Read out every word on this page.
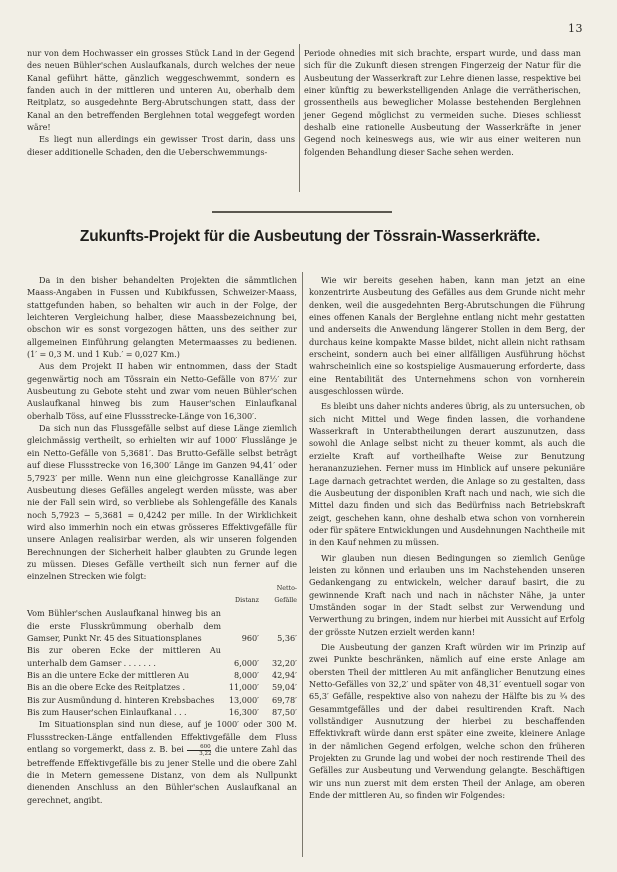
13

nur von dem Hochwasser ein grosses Stück Land in der Gegend des neuen Bühler'schen Auslaufkanals, durch welches der neue Kanal geführt hätte, gänzlich weggeschwemmt, sondern es fanden auch in der mittleren und unteren Au, oberhalb dem Reitplatz, so ausgedehnte Berg-Abrutschungen statt, dass der Kanal an den betreffenden Berglehnen total weggefegt worden wäre!

Es liegt nun allerdings ein gewisser Trost darin, dass uns dieser additionelle Schaden, den die Ueberschwemmungs-

Periode ohnedies mit sich brachte, erspart wurde, und dass man sich für die Zukunft diesen strengen Fingerzeig der Natur für die Ausbeutung der Wasserkraft zur Lehre dienen lasse, respektive bei einer künftig zu bewerkstelligenden Anlage die verrätherischen, grossentheils aus beweglicher Molasse bestehenden Berglehnen jener Gegend möglichst zu vermeiden suche. Dieses schliesst deshalb eine rationelle Ausbeutung der Wasserkräfte in jener Gegend noch keineswegs aus, wie wir aus einer weiteren nun folgenden Behandlung dieser Sache sehen werden.

Zukunfts-Projekt für die Ausbeutung der Tössrain-Wasserkräfte.

Da in den bisher behandelten Projekten die sämmtlichen Maass-Angaben in Fussen und Kubikfussen, Schweizer-Maass, stattgefunden haben, so behalten wir auch in der Folge, der leichteren Vergleichung halber, diese Maassbezeichnung bei, obschon wir es sonst vorgezogen hätten, uns des seither zur allgemeinen Einführung gelangten Metermaasses zu bedienen. (1′ = 0,3 M. und 1 Kub.′ = 0,027 Km.)

Aus dem Projekt II haben wir entnommen, dass der Stadt gegenwärtig noch am Tössrain ein Netto-Gefälle von 87½′ zur Ausbeutung zu Gebote steht und zwar vom neuen Bühler'schen Auslaufkanal hinweg bis zum Hauser'schen Einlaufkanal oberhalb Töss, auf eine Flussstrecke-Länge von 16,300′.

Da sich nun das Flussgefälle selbst auf diese Länge ziemlich gleichmässig vertheilt, so erhielten wir auf 1000′ Flusslänge je ein Netto-Gefälle von 5,3681′. Das Brutto-Gefälle selbst beträgt auf diese Flussstrecke von 16,300′ Länge im Ganzen 94,41′ oder 5,7923′ per mille. Wenn nun eine gleichgrosse Kanallänge zur Ausbeutung dieses Gefälles angelegt werden müsste, was aber nie der Fall sein wird, so verbliebe als Sohlengefälle des Kanals noch 5,7923 − 5,3681 = 0,4242 per mille. In der Wirklichkeit wird also immerhin noch ein etwas grösseres Effektivgefälle für unsere Anlagen realisirbar werden, als wir unseren folgenden Berechnungen der Sicherheit halber glaubten zu Grunde legen zu müssen. Dieses Gefälle vertheilt sich nun ferner auf die einzelnen Strecken wie folgt:

	Distanz	Netto-Gefälle
Vom Bühler'schen Auslaufkanal hinweg bis an die erste Flusskrümmung oberhalb dem Gamser, Punkt Nr. 45 des Situationsplanes	960′	5,36′
Bis zur oberen Ecke der mittleren Au unterhalb dem Gamser . . . . . . .	6,000′	32,20′
Bis an die untere Ecke der mittleren Au	8,000′	42,94′
Bis an die obere Ecke des Reitplatzes .	11,000′	59,04′
Bis zur Ausmündung d. hinteren Krebsbaches	13,000′	69,78′
Bis zum Hauser'schen Einlaufkanal . . .	16,300′	87,50′

Im Situationsplan sind nun diese, auf je 1000′ oder 300 M. Flussstrecken-Länge entfallenden Effektivgefälle dem Fluss entlang so vorgemerkt, dass z. B. bei $\frac{600}{3,22}$ die untere Zahl das betreffende Effektivgefälle bis zu jener Stelle und die obere Zahl die in Metern gemessene Distanz, von dem als Nullpunkt dienenden Anschluss an den Bühler'schen Auslaufkanal an gerechnet, angibt.

Wie wir bereits gesehen haben, kann man jetzt an eine konzentrirte Ausbeutung des Gefälles aus dem Grunde nicht mehr denken, weil die ausgedehnten Berg-Abrutschungen die Führung eines offenen Kanals der Berglehne entlang nicht mehr gestatten und anderseits die Anwendung längerer Stollen in dem Berg, der durchaus keine kompakte Masse bildet, nicht allein nicht rathsam erscheint, sondern auch bei einer allfälligen Ausführung höchst wahrscheinlich eine so kostspielige Ausmauerung erforderte, dass eine Rentabilität des Unternehmens schon von vornherein ausgeschlossen würde.

Es bleibt uns daher nichts anderes übrig, als zu untersuchen, ob sich nicht Mittel und Wege finden lassen, die vorhandene Wasserkraft in Unterabtheilungen derart auszunutzen, dass sowohl die Anlage selbst nicht zu theuer kommt, als auch die erzielte Kraft auf vortheilhafte Weise zur Benutzung herananzuziehen. Ferner muss im Hinblick auf unsere pekuniäre Lage darnach getrachtet werden, die Anlage so zu gestalten, dass die Ausbeutung der disponiblen Kraft nach und nach, wie sich die Mittel dazu finden und sich das Bedürfniss nach Betriebskraft zeigt, geschehen kann, ohne deshalb etwa schon von vornherein oder für spätere Entwicklungen und Ausdehnungen Nachtheile mit in den Kauf nehmen zu müssen.

Wir glauben nun diesen Bedingungen so ziemlich Genüge leisten zu können und erlauben uns im Nachstehenden unseren Gedankengang zu entwickeln, welcher darauf basirt, die zu gewinnende Kraft nach und nach in nächster Nähe, ja unter Umständen sogar in der Stadt selbst zur Verwendung und Verwerthung zu bringen, indem nur hierbei mit Aussicht auf Erfolg der grösste Nutzen erzielt werden kann!

Die Ausbeutung der ganzen Kraft würden wir im Prinzip auf zwei Punkte beschränken, nämlich auf eine erste Anlage am obersten Theil der mittleren Au mit anfänglicher Benutzung eines Netto-Gefälles von 32,2′ und später von 48,31′ eventuell sogar von 65,3′ Gefälle, respektive also von nahezu der Hälfte bis zu ¾ des Gesammtgefälles und der dabei resultirenden Kraft. Nach vollständiger Ausnutzung der hierbei zu beschaffenden Effektivkraft würde dann erst später eine zweite, kleinere Anlage in der nämlichen Gegend erfolgen, welche schon den früheren Projekten zu Grunde lag und wobei der noch restirende Theil des Gefälles zur Ausbeutung und Verwendung gelangte. Beschäftigen wir uns nun zuerst mit dem ersten Theil der Anlage, am oberen Ende der mittleren Au, so finden wir Folgendes:
